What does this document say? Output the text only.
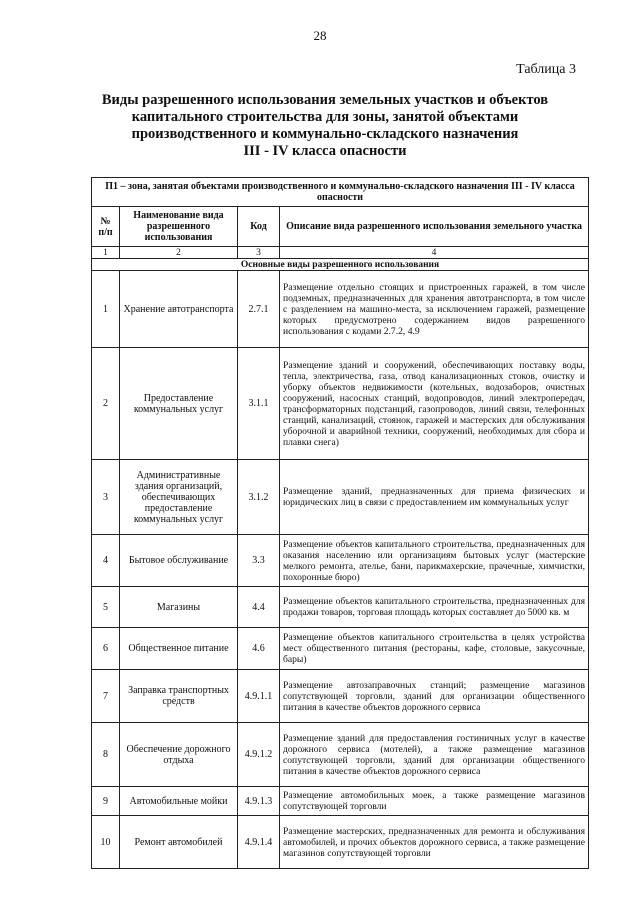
28
Таблица 3
Виды разрешенного использования земельных участков и объектов
капитального строительства для зоны, занятой объектами
производственного и коммунально-складского назначения
III - IV класса опасности
П1 – зона, занятая объектами производственного и коммунально-складского назначения III - IV класса опасности			
№ п/п	Наименование вида разрешенного использования	Код	Описание вида разрешенного использования земельного участка
1	2	3	4
Основные виды разрешенного использования			
1	Хранение автотранспорта	2.7.1	Размещение отдельно стоящих и пристроенных гаражей, в том числе подземных, предназначенных для хранения автотранспорта, в том числе с разделением на машино-места, за исключением гаражей, размещение которых предусмотрено содержанием видов разрешенного использования с кодами 2.7.2, 4.9
2	Предоставление коммунальных услуг	3.1.1	Размещение зданий и сооружений, обеспечивающих поставку воды, тепла, электричества, газа, отвод канализационных стоков, очистку и уборку объектов недвижимости (котельных, водозаборов, очистных сооружений, насосных станций, водопроводов, линий электропередач, трансформаторных подстанций, газопроводов, линий связи, телефонных станций, канализаций, стоянок, гаражей и мастерских для обслуживания уборочной и аварийной техники, сооружений, необходимых для сбора и плавки снега)
3	Административные здания организаций, обеспечивающих предоставление коммунальных услуг	3.1.2	Размещение зданий, предназначенных для приема физических и юридических лиц в связи с предоставлением им коммунальных услуг
4	Бытовое обслуживание	3.3	Размещение объектов капитального строительства, предназначенных для оказания населению или организациям бытовых услуг (мастерские мелкого ремонта, ателье, бани, парикмахерские, прачечные, химчистки, похоронные бюро)
5	Магазины	4.4	Размещение объектов капитального строительства, предназначенных для продажи товаров, торговая площадь которых составляет до 5000 кв. м
6	Общественное питание	4.6	Размещение объектов капитального строительства в целях устройства мест общественного питания (рестораны, кафе, столовые, закусочные, бары)
7	Заправка транспортных средств	4.9.1.1	Размещение автозаправочных станций; размещение магазинов сопутствующей торговли, зданий для организации общественного питания в качестве объектов дорожного сервиса
8	Обеспечение дорожного отдыха	4.9.1.2	Размещение зданий для предоставления гостиничных услуг в качестве дорожного сервиса (мотелей), а также размещение магазинов сопутствующей торговли, зданий для организации общественного питания в качестве объектов дорожного сервиса
9	Автомобильные мойки	4.9.1.3	Размещение автомобильных моек, а также размещение магазинов сопутствующей торговли
10	Ремонт автомобилей	4.9.1.4	Размещение мастерских, предназначенных для ремонта и обслуживания автомобилей, и прочих объектов дорожного сервиса, а также размещение магазинов сопутствующей торговли
